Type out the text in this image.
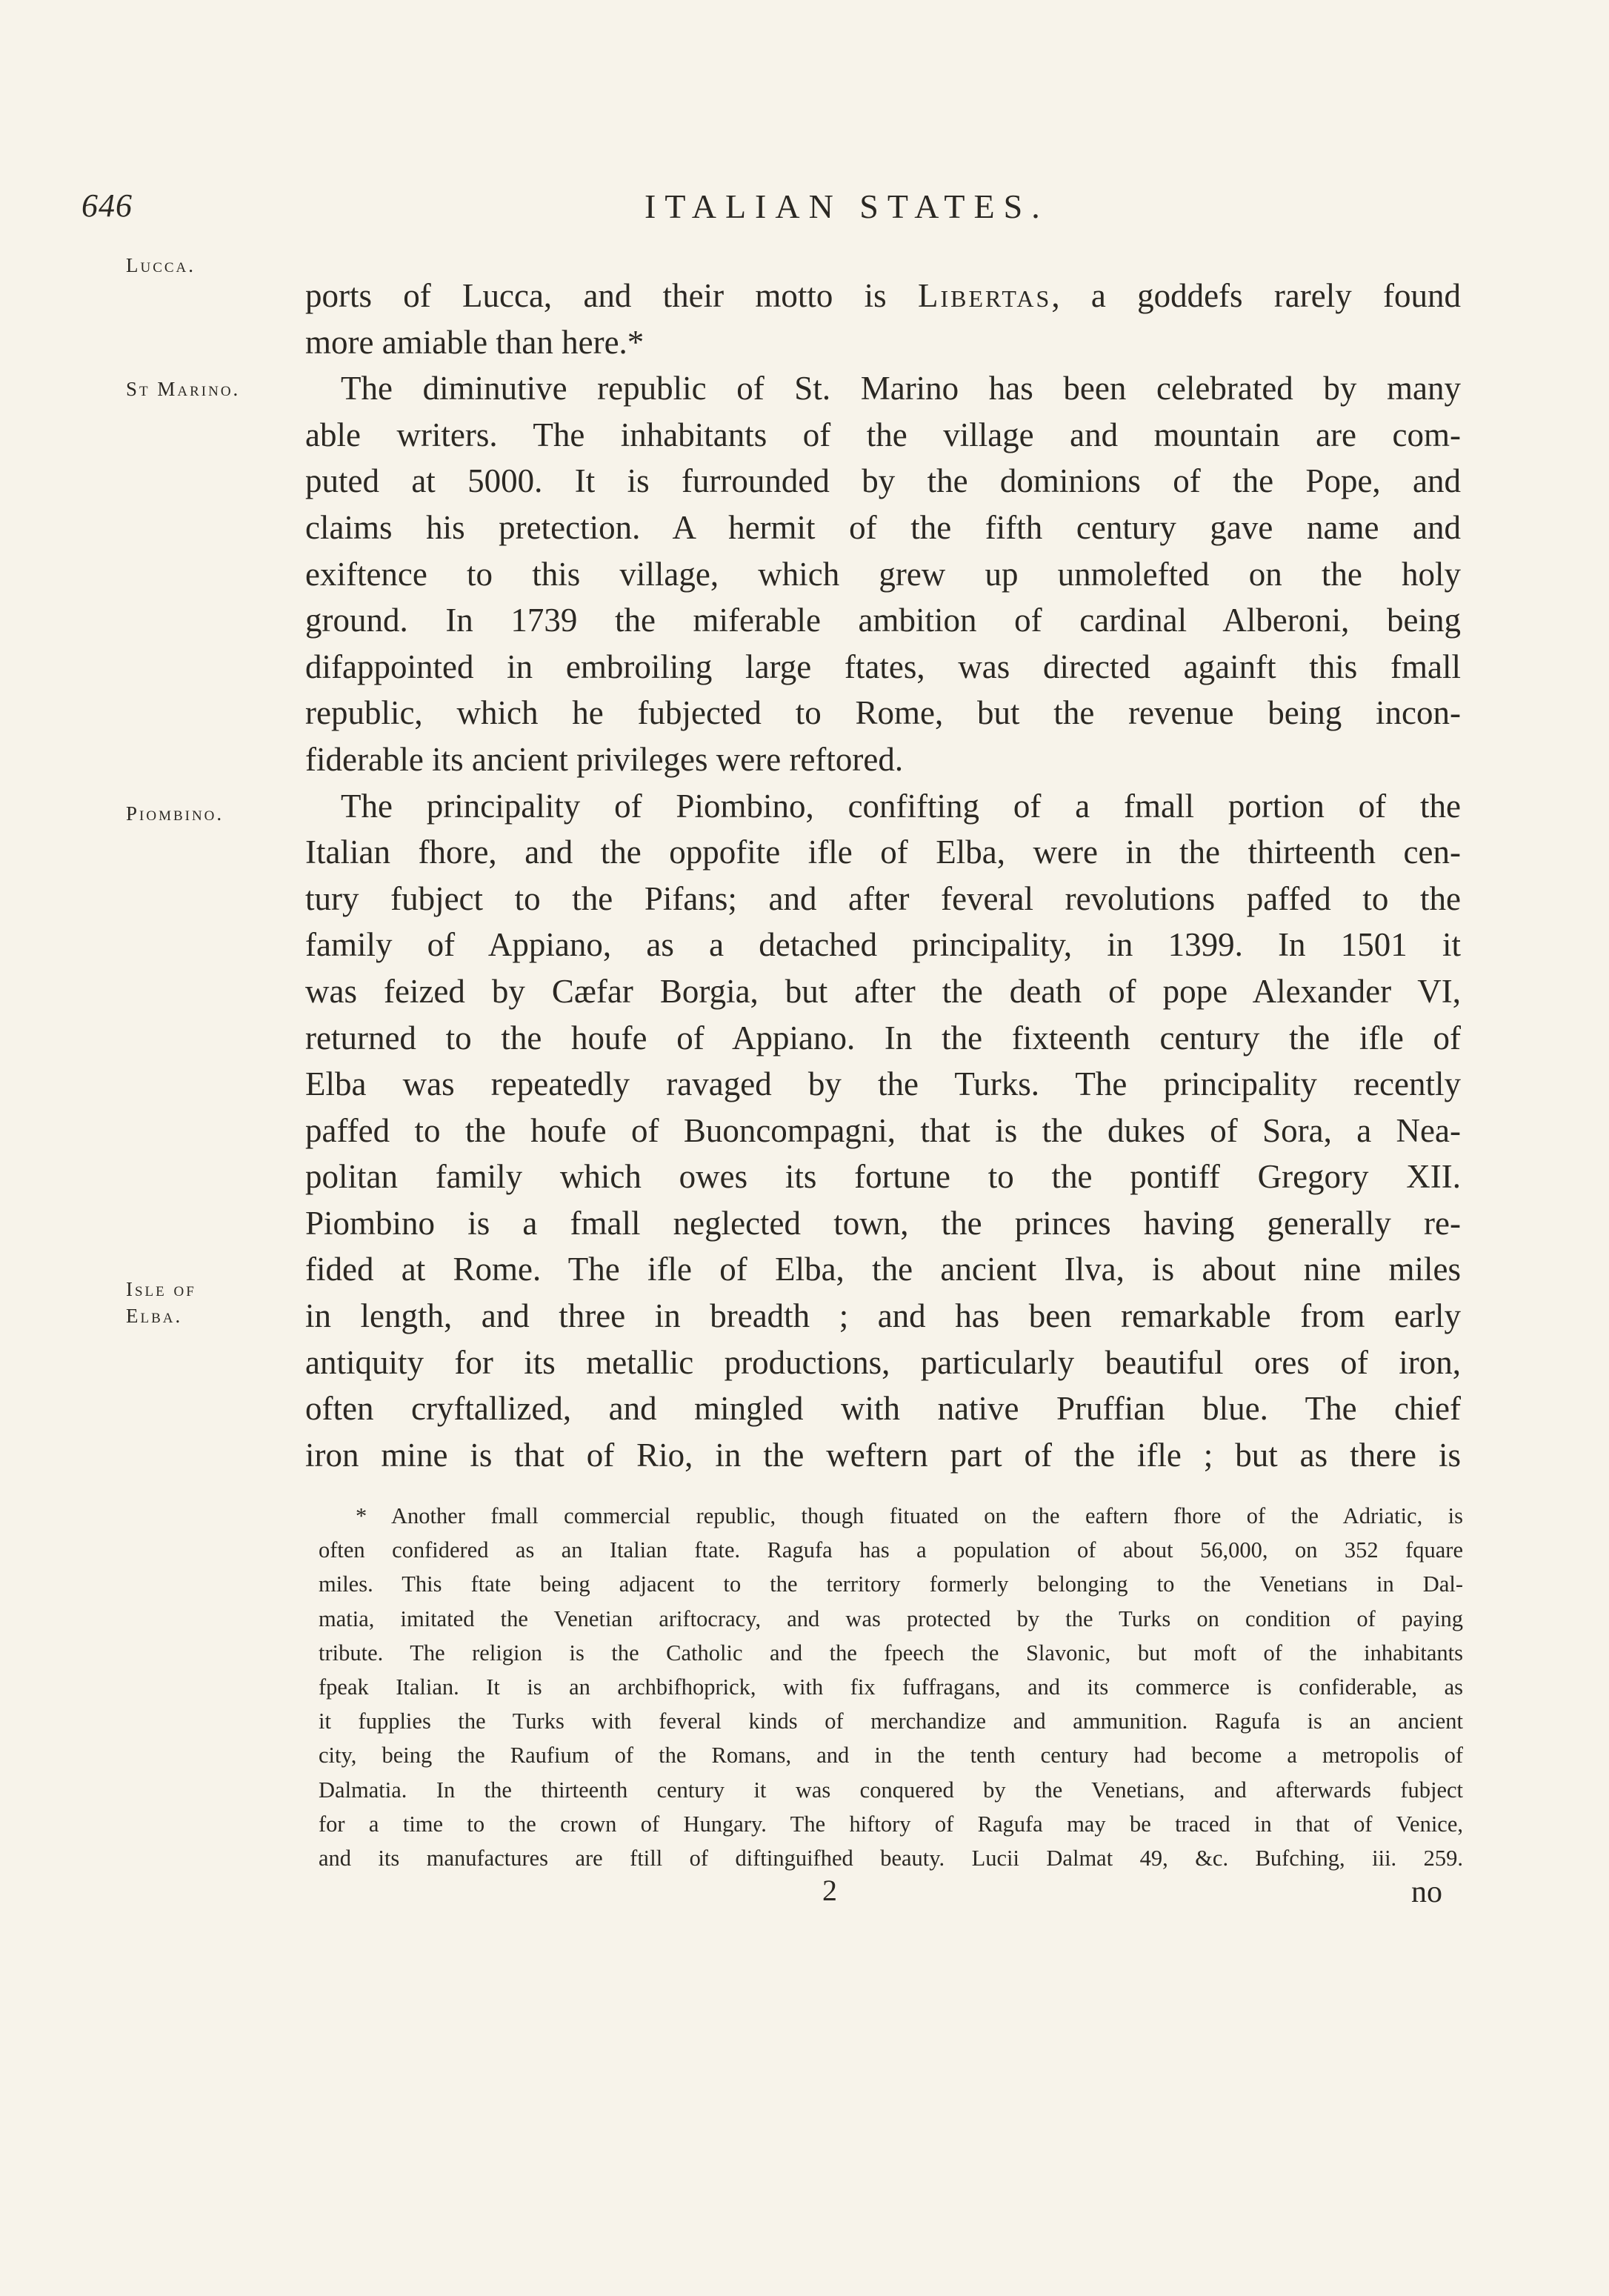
646	ITALIAN STATES.
Lucca.
St Marino.
Piombino.
Isle of
Elba.
ports of Lucca, and their motto is Libertas, a goddefs rarely found
more amiable than here.*
The diminutive republic of St. Marino has been celebrated by many
able writers. The inhabitants of the village and mountain are com-
puted at 5000. It is furrounded by the dominions of the Pope, and
claims his pretection. A hermit of the fifth century gave name and
exiftence to this village, which grew up unmolefted on the holy
ground. In 1739 the miferable ambition of cardinal Alberoni, being
difappointed in embroiling large ftates, was directed againft this fmall
republic, which he fubjected to Rome, but the revenue being incon-
fiderable its ancient privileges were reftored.
The principality of Piombino, confifting of a fmall portion of the
Italian fhore, and the oppofite ifle of Elba, were in the thirteenth cen-
tury fubject to the Pifans; and after feveral revolutions paffed to the
family of Appiano, as a detached principality, in 1399. In 1501 it
was feized by Cæfar Borgia, but after the death of pope Alexander VI,
returned to the houfe of Appiano. In the fixteenth century the ifle of
Elba was repeatedly ravaged by the Turks. The principality recently
paffed to the houfe of Buoncompagni, that is the dukes of Sora, a Nea-
politan family which owes its fortune to the pontiff Gregory XII.
Piombino is a fmall neglected town, the princes having generally re-
fided at Rome. The ifle of Elba, the ancient Ilva, is about nine miles
in length, and three in breadth ; and has been remarkable from early
antiquity for its metallic productions, particularly beautiful ores of iron,
often cryftallized, and mingled with native Pruffian blue. The chief
iron mine is that of Rio, in the weftern part of the ifle ; but as there is
* Another fmall commercial republic, though fituated on the eaftern fhore of the Adriatic, is
often confidered as an Italian ftate. Ragufa has a population of about 56,000, on 352 fquare
miles. This ftate being adjacent to the territory formerly belonging to the Venetians in Dal-
matia, imitated the Venetian ariftocracy, and was protected by the Turks on condition of paying
tribute. The religion is the Catholic and the fpeech the Slavonic, but moft of the inhabitants
fpeak Italian. It is an archbifhoprick, with fix fuffragans, and its commerce is confiderable, as
it fupplies the Turks with feveral kinds of merchandize and ammunition. Ragufa is an ancient
city, being the Raufium of the Romans, and in the tenth century had become a metropolis of
Dalmatia. In the thirteenth century it was conquered by the Venetians, and afterwards fubject
for a time to the crown of Hungary. The hiftory of Ragufa may be traced in that of Venice,
and its manufactures are ftill of diftinguifhed beauty. Lucii Dalmat 49, &c. Bufching, iii. 259.
2	no
